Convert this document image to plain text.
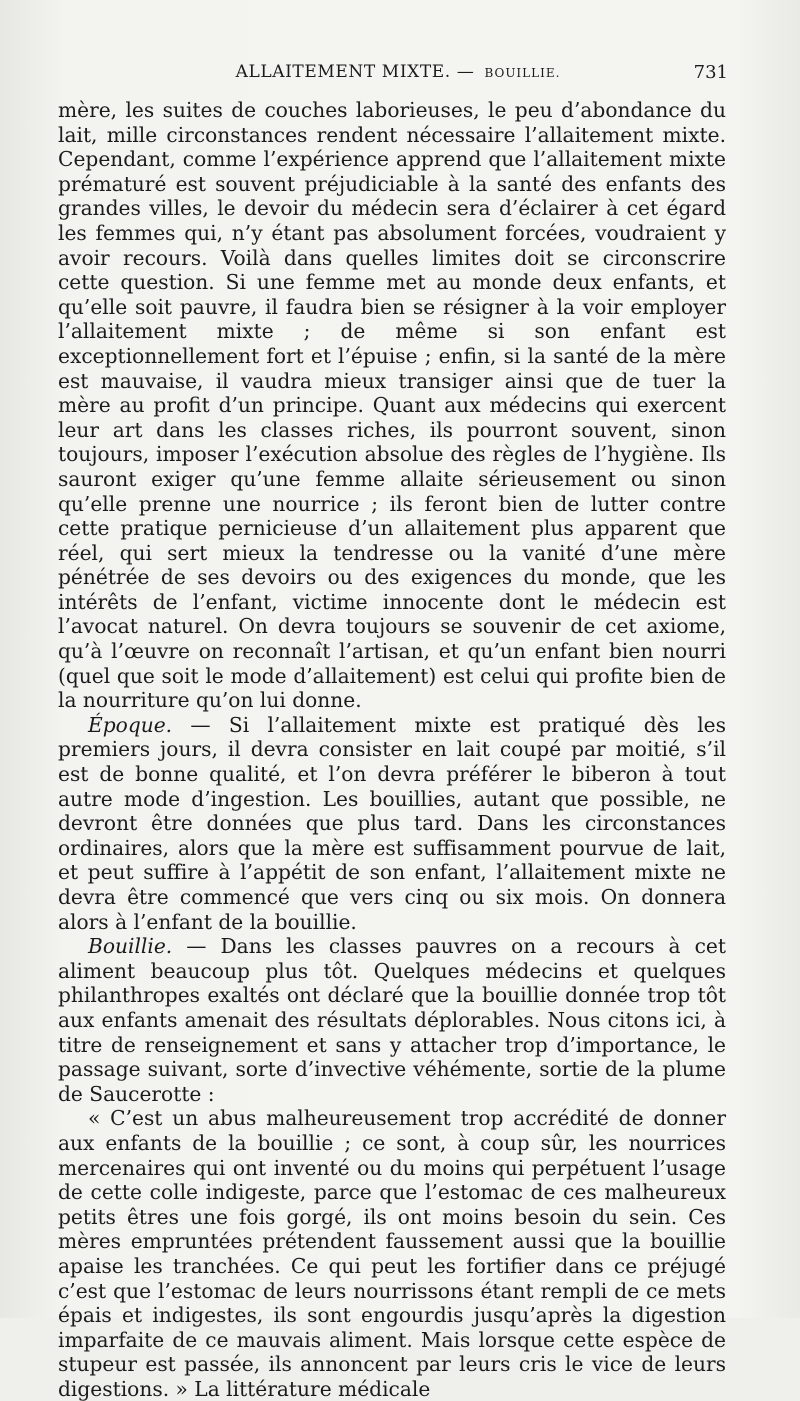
ALLAITEMENT MIXTE. — BOUILLIE.	731

mère, les suites de couches laborieuses, le peu d’abondance du lait, mille circonstances rendent nécessaire l’allaitement mixte. Cependant, comme l’expérience apprend que l’allaitement mixte prématuré est souvent préjudiciable à la santé des enfants des grandes villes, le devoir du médecin sera d’éclairer à cet égard les femmes qui, n’y étant pas absolument forcées, voudraient y avoir recours. Voilà dans quelles limites doit se circonscrire cette question. Si une femme met au monde deux enfants, et qu’elle soit pauvre, il faudra bien se résigner à la voir employer l’allaitement mixte ; de même si son enfant est exceptionnellement fort et l’épuise ; enfin, si la santé de la mère est mauvaise, il vaudra mieux transiger ainsi que de tuer la mère au profit d’un principe. Quant aux médecins qui exercent leur art dans les classes riches, ils pourront souvent, sinon toujours, imposer l’exécution absolue des règles de l’hygiène. Ils sauront exiger qu’une femme allaite sérieusement ou sinon qu’elle prenne une nourrice ; ils feront bien de lutter contre cette pratique pernicieuse d’un allaitement plus apparent que réel, qui sert mieux la tendresse ou la vanité d’une mère pénétrée de ses devoirs ou des exigences du monde, que les intérêts de l’enfant, victime innocente dont le médecin est l’avocat naturel. On devra toujours se souvenir de cet axiome, qu’à l’œuvre on reconnaît l’artisan, et qu’un enfant bien nourri (quel que soit le mode d’allaitement) est celui qui profite bien de la nourriture qu’on lui donne.

Époque. — Si l’allaitement mixte est pratiqué dès les premiers jours, il devra consister en lait coupé par moitié, s’il est de bonne qualité, et l’on devra préférer le biberon à tout autre mode d’ingestion. Les bouillies, autant que possible, ne devront être données que plus tard. Dans les circonstances ordinaires, alors que la mère est suffisamment pourvue de lait, et peut suffire à l’appétit de son enfant, l’allaitement mixte ne devra être commencé que vers cinq ou six mois. On donnera alors à l’enfant de la bouillie.

Bouillie. — Dans les classes pauvres on a recours à cet aliment beaucoup plus tôt. Quelques médecins et quelques philanthropes exaltés ont déclaré que la bouillie donnée trop tôt aux enfants amenait des résultats déplorables. Nous citons ici, à titre de renseignement et sans y attacher trop d’importance, le passage suivant, sorte d’invective véhémente, sortie de la plume de Saucerotte :

« C’est un abus malheureusement trop accrédité de donner aux enfants de la bouillie ; ce sont, à coup sûr, les nourrices mercenaires qui ont inventé ou du moins qui perpétuent l’usage de cette colle indigeste, parce que l’estomac de ces malheureux petits êtres une fois gorgé, ils ont moins besoin du sein. Ces mères empruntées prétendent faussement aussi que la bouillie apaise les tranchées. Ce qui peut les fortifier dans ce préjugé c’est que l’estomac de leurs nourrissons étant rempli de ce mets épais et indigestes, ils sont engourdis jusqu’après la digestion imparfaite de ce mauvais aliment. Mais lorsque cette espèce de stupeur est passée, ils annoncent par leurs cris le vice de leurs digestions. » La littérature médicale
